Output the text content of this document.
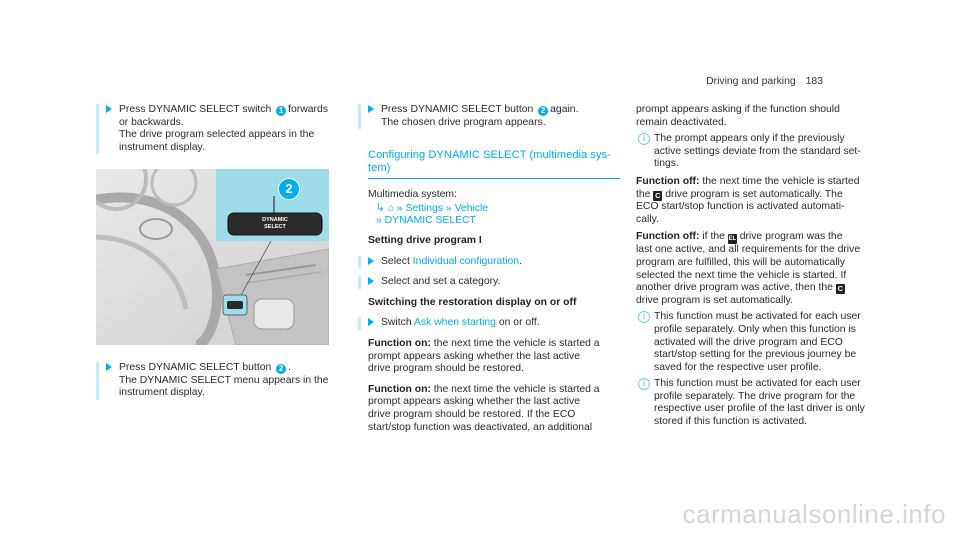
Driving and parking 183
Press DYNAMIC SELECT switch 1 forwards
or backwards.
The drive program selected appears in the
instrument display.
2
DYNAMIC
SELECT
Press DYNAMIC SELECT button 2 .
The DYNAMIC SELECT menu appears in the
instrument display.
Press DYNAMIC SELECT button 2 again.
The chosen drive program appears.
Configuring DYNAMIC SELECT (multimedia sys-
tem)
Multimedia system:
↳ ⌂ » Settings » Vehicle
» DYNAMIC SELECT
Setting drive program I
Select Individual configuration.
Select and set a category.
Switching the restoration display on or off
Switch Ask when starting on or off.
Function on: the next time the vehicle is started a
prompt appears asking whether the last active
drive program should be restored.
Function on: the next time the vehicle is started a
prompt appears asking whether the last active
drive program should be restored. If the ECO
start/stop function was deactivated, an additional
prompt appears asking if the function should
remain deactivated.
i The prompt appears only if the previously
active settings deviate from the standard set-
tings.
Function off: the next time the vehicle is started
the C drive program is set automatically. The
ECO start/stop function is activated automati-
cally.
Function off: if the EL drive program was the
last one active, and all requirements for the drive
program are fulfilled, this will be automatically
selected the next time the vehicle is started. If
another drive program was active, then the C
drive program is set automatically.
i This function must be activated for each user
profile separately. Only when this function is
activated will the drive program and ECO
start/stop setting for the previous journey be
saved for the respective user profile.
i This function must be activated for each user
profile separately. The drive program for the
respective user profile of the last driver is only
stored if this function is activated.
carmanualsonline.info
